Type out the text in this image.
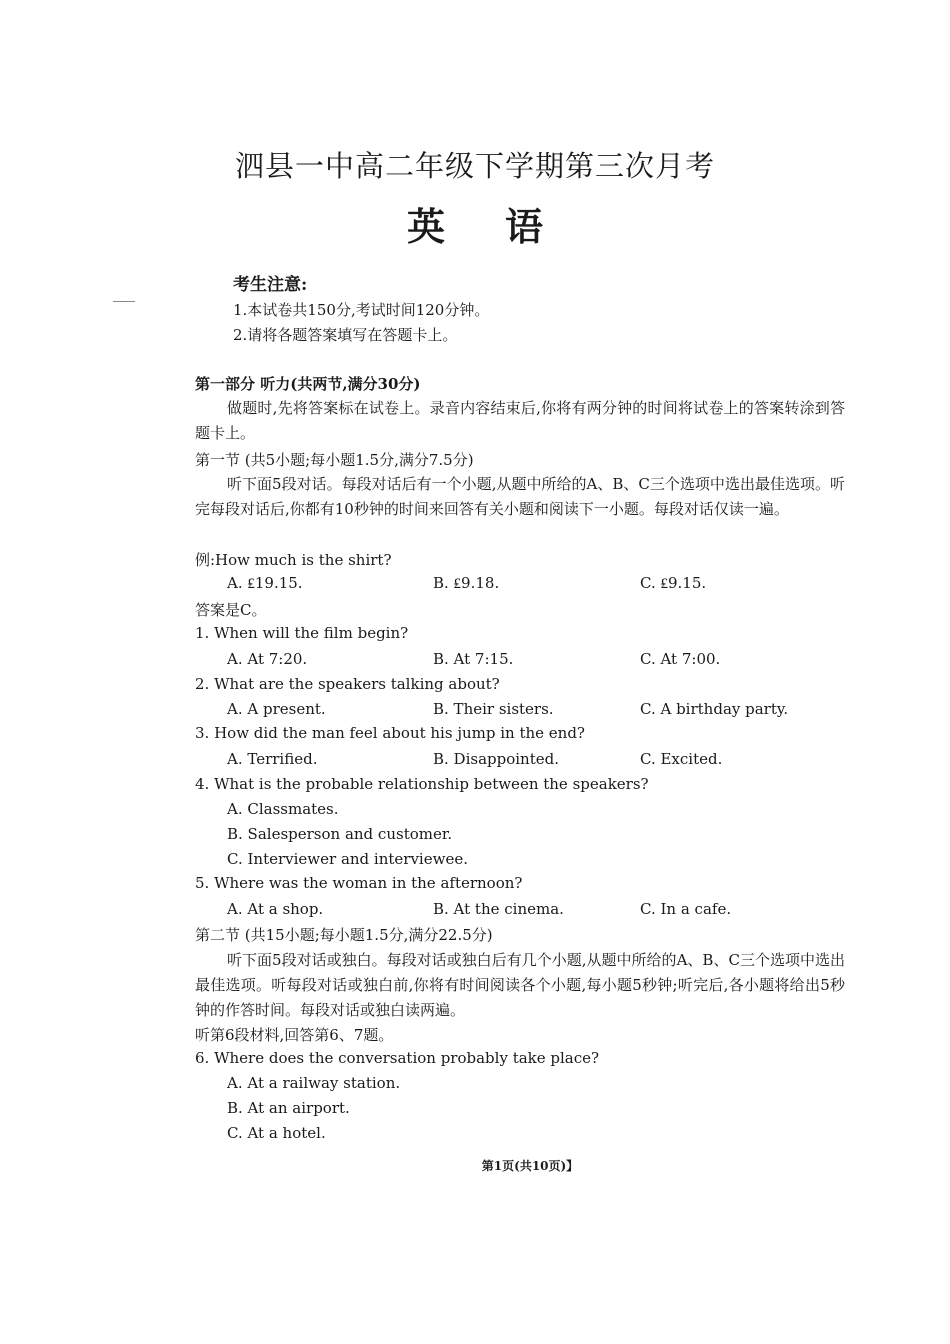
泗县一中高二年级下学期第三次月考
英语
考生注意:
1.本试卷共150分,考试时间120分钟。
2.请将各题答案填写在答题卡上。
第一部分 听力(共两节,满分30分)
做题时,先将答案标在试卷上。录音内容结束后,你将有两分钟的时间将试卷上的答案转涂到答题卡上。
第一节 (共5小题;每小题1.5分,满分7.5分)
听下面5段对话。每段对话后有一个小题,从题中所给的A、B、C三个选项中选出最佳选项。听完每段对话后,你都有10秒钟的时间来回答有关小题和阅读下一小题。每段对话仅读一遍。
例:How much is the shirt?
A. ₤19.15.	B. ₤9.18.	C. ₤9.15.
答案是C。
1. When will the film begin?
A. At 7:20.	B. At 7:15.	C. At 7:00.
2. What are the speakers talking about?
A. A present.	B. Their sisters.	C. A birthday party.
3. How did the man feel about his jump in the end?
A. Terrified.	B. Disappointed.	C. Excited.
4. What is the probable relationship between the speakers?
A. Classmates.
B. Salesperson and customer.
C. Interviewer and interviewee.
5. Where was the woman in the afternoon?
A. At a shop.	B. At the cinema.	C. In a cafe.
第二节 (共15小题;每小题1.5分,满分22.5分)
听下面5段对话或独白。每段对话或独白后有几个小题,从题中所给的A、B、C三个选项中选出最佳选项。听每段对话或独白前,你将有时间阅读各个小题,每小题5秒钟;听完后,各小题将给出5秒钟的作答时间。每段对话或独白读两遍。
听第6段材料,回答第6、7题。
6. Where does the conversation probably take place?
A. At a railway station.
B. At an airport.
C. At a hotel.
第1页(共10页)】
